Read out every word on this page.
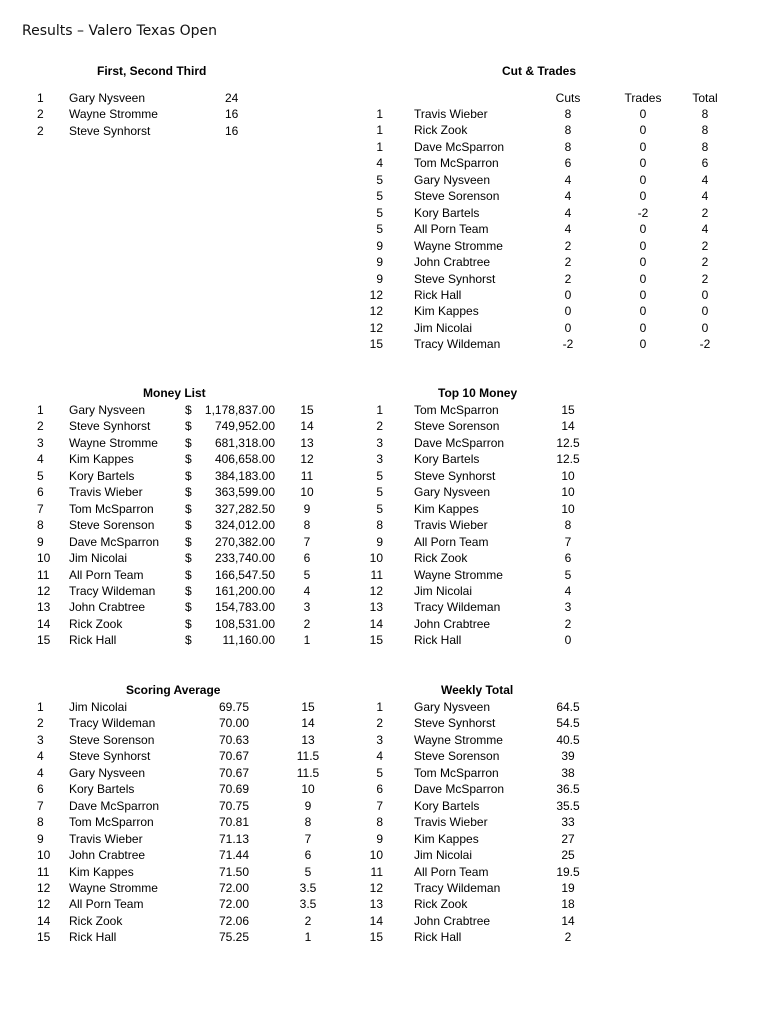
Results – Valero Texas Open
First, Second Third
1 Gary Nysveen	24
2 Wayne Stromme	16
2 Steve Synhorst	16
Cut & Trades
Cuts	Trades	Total
1	Travis Wieber	8	0	8
1	Rick Zook	8	0	8
1	Dave McSparron	8	0	8
4	Tom McSparron	6	0	6
5	Gary Nysveen	4	0	4
5	Steve Sorenson	4	0	4
5	Kory Bartels	4	-2	2
5	All Porn Team	4	0	4
9	Wayne Stromme	2	0	2
9	John Crabtree	2	0	2
9	Steve Synhorst	2	0	2
12	Rick Hall	0	0	0
12	Kim Kappes	0	0	0
12	Jim Nicolai	0	0	0
15	Tracy Wildeman	-2	0	-2
Money List
1 Gary Nysveen	$	1,178,837.00	15
2 Steve Synhorst	$	749,952.00	14
3 Wayne Stromme $	681,318.00	13
4 Kim Kappes	$	406,658.00	12
5 Kory Bartels	$	384,183.00	11
6 Travis Wieber	$	363,599.00	10
7 Tom McSparron	$	327,282.50	9
8 Steve Sorenson	$	324,012.00	8
9 Dave McSparron $	270,382.00	7
10 Jim Nicolai	$	233,740.00	6
11 All Porn Team	$	166,547.50	5
12 Tracy Wildeman $	161,200.00	4
13 John Crabtree	$	154,783.00	3
14 Rick Zook	$	108,531.00	2
15 Rick Hall	$	11,160.00	1
Top 10 Money
1	Tom McSparron	15
2	Steve Sorenson	14
3	Dave McSparron	12.5
3	Kory Bartels	12.5
5	Steve Synhorst	10
5	Gary Nysveen	10
5	Kim Kappes	10
8	Travis Wieber	8
9	All Porn Team	7
10	Rick Zook	6
11	Wayne Stromme	5
12	Jim Nicolai	4
13	Tracy Wildeman	3
14	John Crabtree	2
15	Rick Hall	0
Scoring Average
1 Jim Nicolai	69.75	15
2 Tracy Wildeman	70.00	14
3 Steve Sorenson	70.63	13
4 Steve Synhorst	70.67	11.5
4 Gary Nysveen	70.67	11.5
6 Kory Bartels	70.69	10
7 Dave McSparron	70.75	9
8 Tom McSparron	70.81	8
9 Travis Wieber	71.13	7
10 John Crabtree	71.44	6
11 Kim Kappes	71.50	5
12 Wayne Stromme	72.00	3.5
12 All Porn Team	72.00	3.5
14 Rick Zook	72.06	2
15 Rick Hall	75.25	1
Weekly Total
1	Gary Nysveen	64.5
2	Steve Synhorst	54.5
3	Wayne Stromme	40.5
4	Steve Sorenson	39
5	Tom McSparron	38
6	Dave McSparron	36.5
7	Kory Bartels	35.5
8	Travis Wieber	33
9	Kim Kappes	27
10	Jim Nicolai	25
11	All Porn Team	19.5
12	Tracy Wildeman	19
13	Rick Zook	18
14	John Crabtree	14
15	Rick Hall	2
